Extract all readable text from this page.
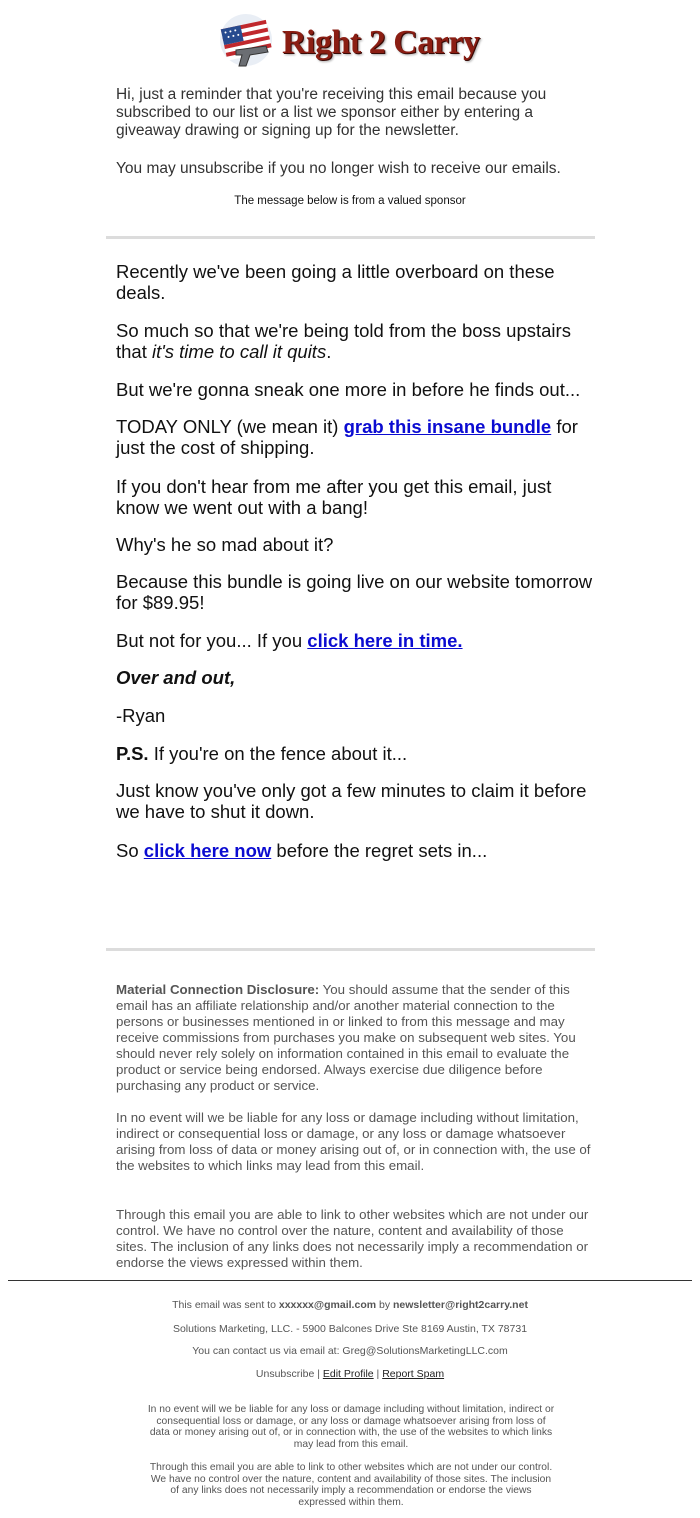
Right 2 Carry

Hi, just a reminder that you're receiving this email because you subscribed to our list or a list we sponsor either by entering a giveaway drawing or signing up for the newsletter.

You may unsubscribe if you no longer wish to receive our emails.

The message below is from a valued sponsor

Recently we've been going a little overboard on these deals.

So much so that we're being told from the boss upstairs that it's time to call it quits.

But we're gonna sneak one more in before he finds out...

TODAY ONLY (we mean it) grab this insane bundle for just the cost of shipping.

If you don't hear from me after you get this email, just know we went out with a bang!

Why's he so mad about it?

Because this bundle is going live on our website tomorrow for $89.95!

But not for you... If you click here in time.

Over and out,

-Ryan

P.S. If you're on the fence about it...

Just know you've only got a few minutes to claim it before we have to shut it down.

So click here now before the regret sets in...

Material Connection Disclosure: You should assume that the sender of this email has an affiliate relationship and/or another material connection to the persons or businesses mentioned in or linked to from this message and may receive commissions from purchases you make on subsequent web sites. You should never rely solely on information contained in this email to evaluate the product or service being endorsed. Always exercise due diligence before purchasing any product or service.

In no event will we be liable for any loss or damage including without limitation, indirect or consequential loss or damage, or any loss or damage whatsoever arising from loss of data or money arising out of, or in connection with, the use of the websites to which links may lead from this email.

Through this email you are able to link to other websites which are not under our control. We have no control over the nature, content and availability of those sites. The inclusion of any links does not necessarily imply a recommendation or endorse the views expressed within them.

This email was sent to xxxxxx@gmail.com by newsletter@right2carry.net
Solutions Marketing, LLC. - 5900 Balcones Drive Ste 8169 Austin, TX 78731
You can contact us via email at: Greg@SolutionsMarketingLLC.com
Unsubscribe | Edit Profile | Report Spam

In no event will we be liable for any loss or damage including without limitation, indirect or consequential loss or damage, or any loss or damage whatsoever arising from loss of data or money arising out of, or in connection with, the use of the websites to which links may lead from this email.

Through this email you are able to link to other websites which are not under our control. We have no control over the nature, content and availability of those sites. The inclusion of any links does not necessarily imply a recommendation or endorse the views expressed within them.
